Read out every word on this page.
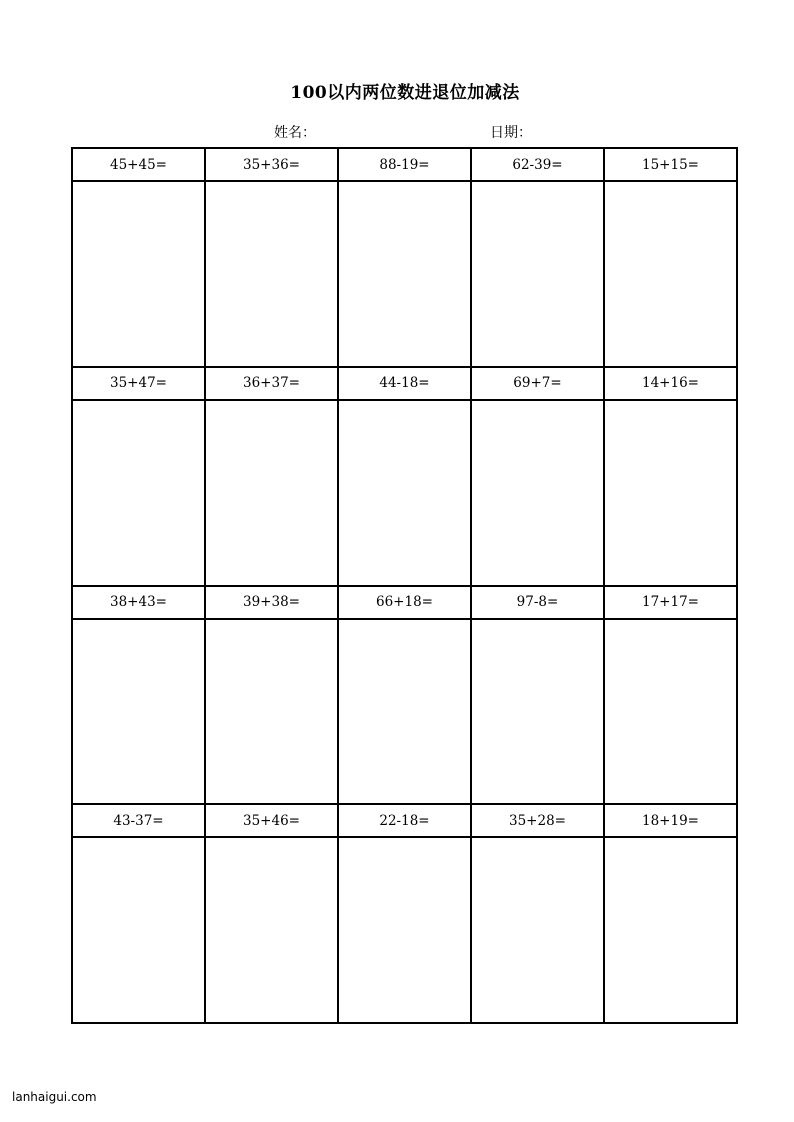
100以内两位数进退位加减法
姓名：	日期：
45+45=	35+36=	88-19=	62-39=	15+15=
35+47=	36+37=	44-18=	69+7=	14+16=
38+43=	39+38=	66+18=	97-8=	17+17=
43-37=	35+46=	22-18=	35+28=	18+19=
lanhaigui.com
